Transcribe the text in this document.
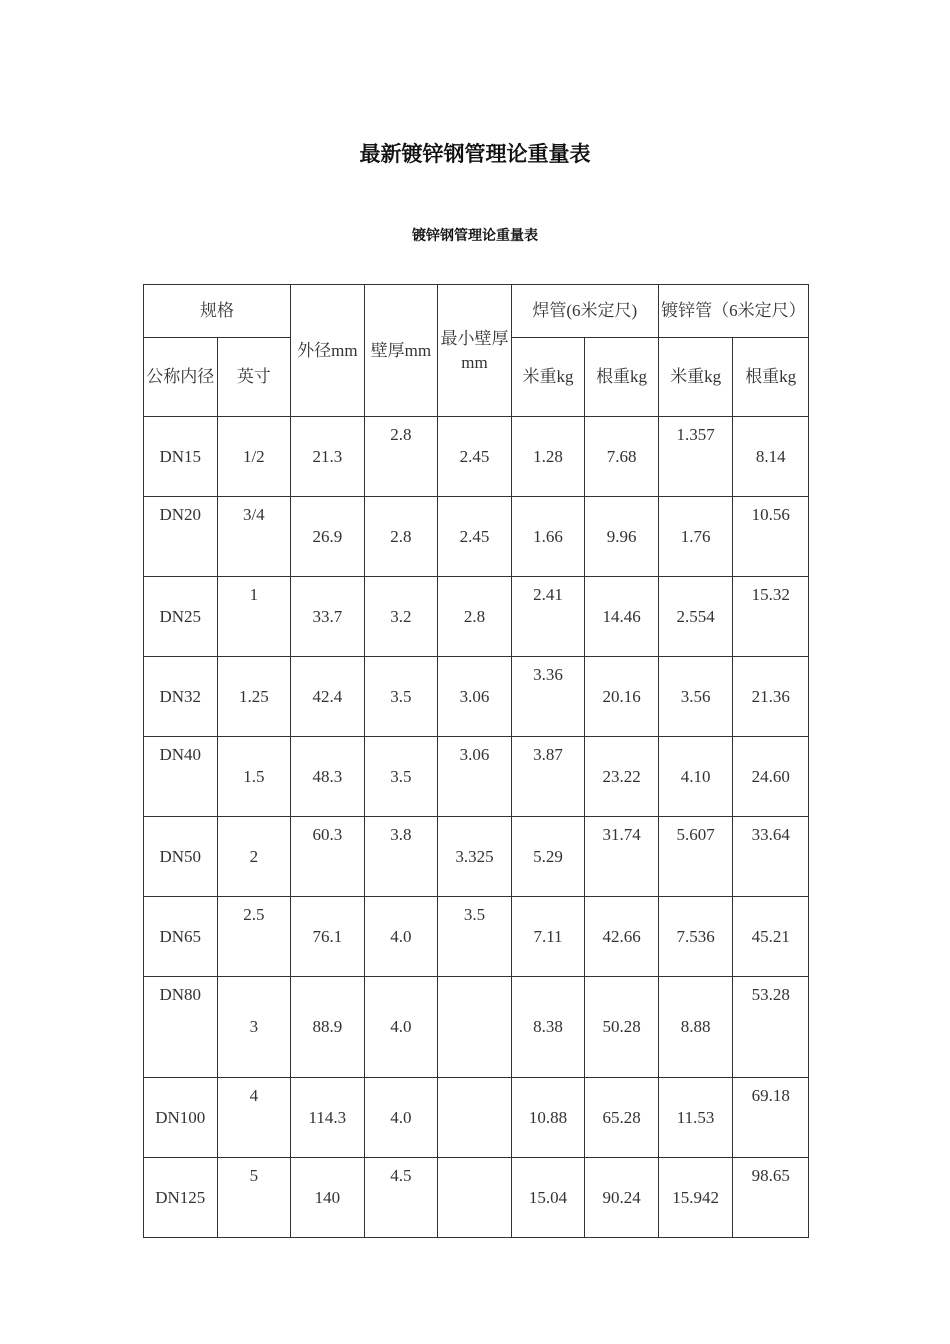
最新镀锌钢管理论重量表
镀锌钢管理论重量表
规格		外径mm	壁厚mm	最小壁厚mm	焊管(6米定尺)		镀锌管（6米定尺）	
公称内径	英寸				米重kg	根重kg	米重kg	根重kg
DN15	1/2	21.3	2.8	2.45	1.28	7.68	1.357	8.14
DN20	3/4	26.9	2.8	2.45	1.66	9.96	1.76	10.56
DN25	1	33.7	3.2	2.8	2.41	14.46	2.554	15.32
DN32	1.25	42.4	3.5	3.06	3.36	20.16	3.56	21.36
DN40	1.5	48.3	3.5	3.06	3.87	23.22	4.10	24.60
DN50	2	60.3	3.8	3.325	5.29	31.74	5.607	33.64
DN65	2.5	76.1	4.0	3.5	7.11	42.66	7.536	45.21
DN80	3	88.9	4.0		8.38	50.28	8.88	53.28
DN100	4	114.3	4.0		10.88	65.28	11.53	69.18
DN125	5	140	4.5		15.04	90.24	15.942	98.65
